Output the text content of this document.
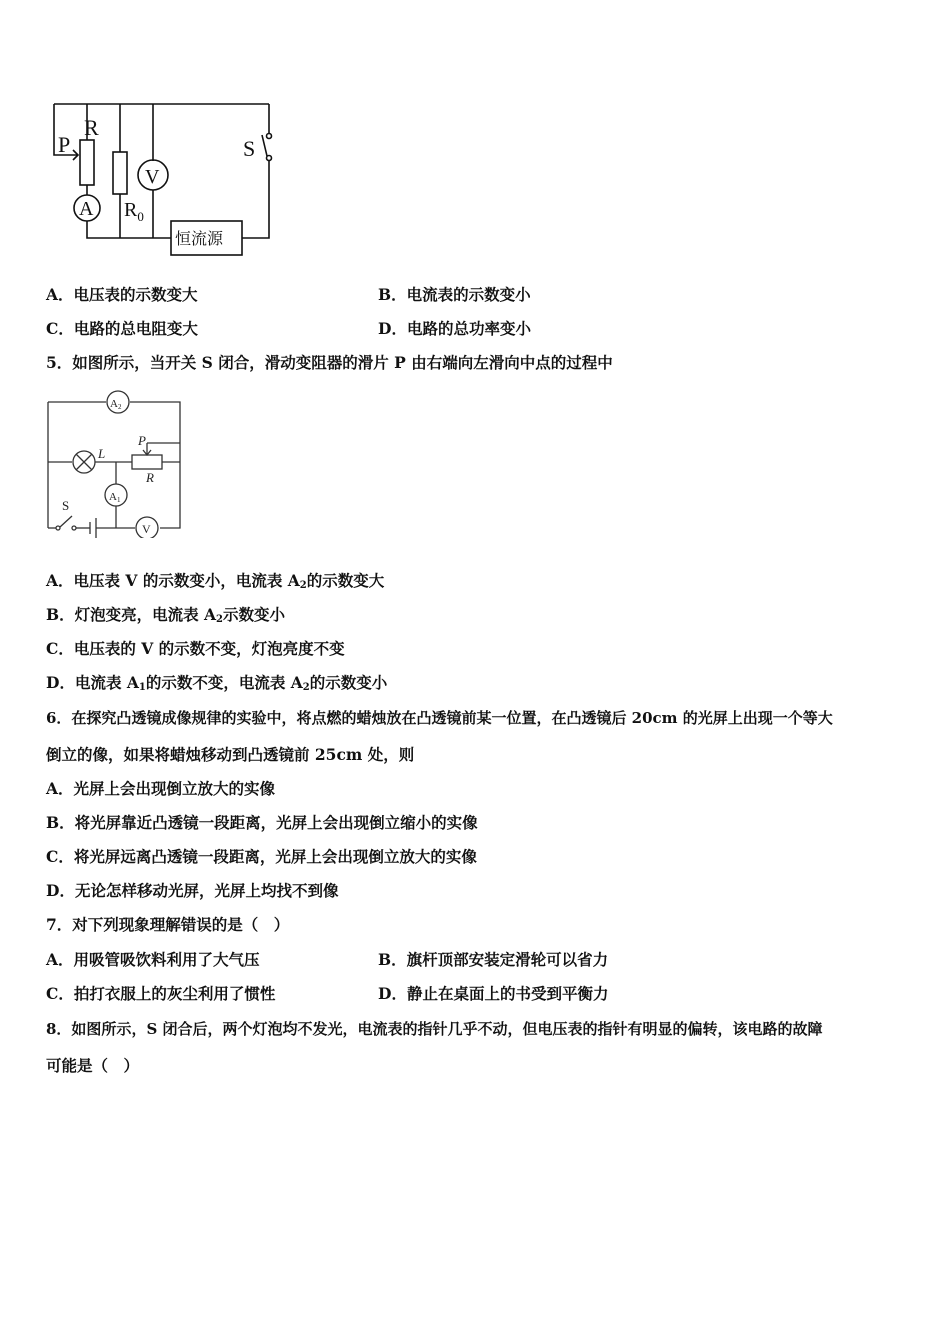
P
R
S
V
A $R_0$
恒流源
A．电压表的示数变大	B．电流表的示数变小
C．电路的总电阻变大	D．电路的总功率变小
5．如图所示，当开关 S 闭合，滑动变阻器的滑片 P 由右端向左滑向中点的过程中
A2
L
P
R
A1
S
V
A．电压表 V 的示数变小，电流表 $A_2$的示数变大
B．灯泡变亮，电流表 $A_2$示数变小
C．电压表的 V 的示数不变，灯泡亮度不变
D．电流表 $A_1$的示数不变，电流表 $A_2$的示数变小
6．在探究凸透镜成像规律的实验中，将点燃的蜡烛放在凸透镜前某一位置，在凸透镜后 20cm 的光屏上出现一个等大
倒立的像，如果将蜡烛移动到凸透镜前 25cm 处，则
A．光屏上会出现倒立放大的实像
B．将光屏靠近凸透镜一段距离，光屏上会出现倒立缩小的实像
C．将光屏远离凸透镜一段距离，光屏上会出现倒立放大的实像
D．无论怎样移动光屏，光屏上均找不到像
7．对下列现象理解错误的是（　）
A．用吸管吸饮料利用了大气压	B．旗杆顶部安装定滑轮可以省力
C．拍打衣服上的灰尘利用了惯性	D．静止在桌面上的书受到平衡力
8．如图所示，S 闭合后，两个灯泡均不发光，电流表的指针几乎不动，但电压表的指针有明显的偏转，该电路的故障
可能是（　）
